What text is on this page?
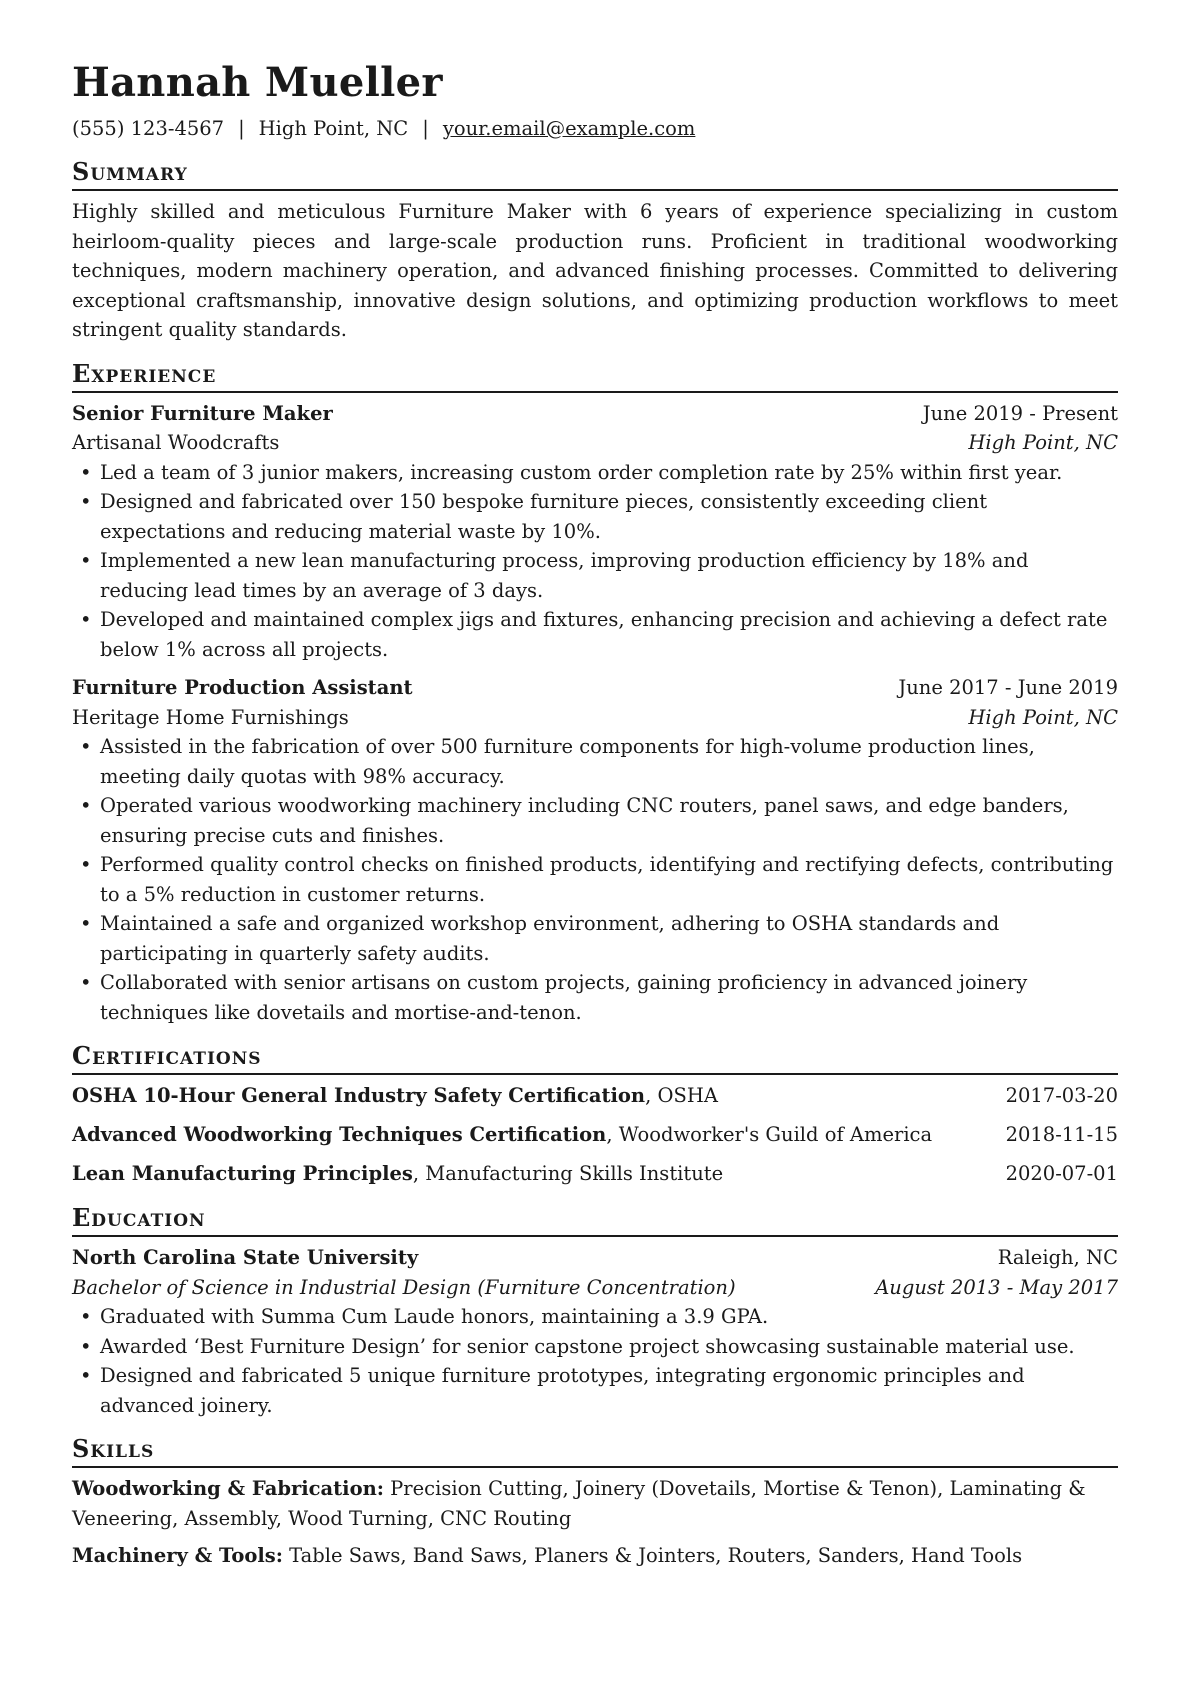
Hannah Mueller
(555) 123-4567 | High Point, NC | your.email@example.com
Summary
Highly skilled and meticulous Furniture Maker with 6 years of experience specializing in custom heirloom-quality pieces and large-scale production runs. Proficient in traditional woodworking techniques, modern machinery operation, and advanced finishing processes. Committed to delivering exceptional craftsmanship, innovative design solutions, and optimizing production workflows to meet stringent quality standards.
Experience
Senior Furniture Maker	June 2019 - Present
Artisanal Woodcrafts	High Point, NC
• Led a team of 3 junior makers, increasing custom order completion rate by 25% within first year.
• Designed and fabricated over 150 bespoke furniture pieces, consistently exceeding client expectations and reducing material waste by 10%.
• Implemented a new lean manufacturing process, improving production efficiency by 18% and reducing lead times by an average of 3 days.
• Developed and maintained complex jigs and fixtures, enhancing precision and achieving a defect rate below 1% across all projects.
Furniture Production Assistant	June 2017 - June 2019
Heritage Home Furnishings	High Point, NC
• Assisted in the fabrication of over 500 furniture components for high-volume production lines, meeting daily quotas with 98% accuracy.
• Operated various woodworking machinery including CNC routers, panel saws, and edge banders, ensuring precise cuts and finishes.
• Performed quality control checks on finished products, identifying and rectifying defects, contributing to a 5% reduction in customer returns.
• Maintained a safe and organized workshop environment, adhering to OSHA standards and participating in quarterly safety audits.
• Collaborated with senior artisans on custom projects, gaining proficiency in advanced joinery techniques like dovetails and mortise-and-tenon.
Certifications
OSHA 10-Hour General Industry Safety Certification, OSHA	2017-03-20
Advanced Woodworking Techniques Certification, Woodworker's Guild of America	2018-11-15
Lean Manufacturing Principles, Manufacturing Skills Institute	2020-07-01
Education
North Carolina State University	Raleigh, NC
Bachelor of Science in Industrial Design (Furniture Concentration)	August 2013 - May 2017
• Graduated with Summa Cum Laude honors, maintaining a 3.9 GPA.
• Awarded ‘Best Furniture Design’ for senior capstone project showcasing sustainable material use.
• Designed and fabricated 5 unique furniture prototypes, integrating ergonomic principles and advanced joinery.
Skills
Woodworking & Fabrication: Precision Cutting, Joinery (Dovetails, Mortise & Tenon), Laminating & Veneering, Assembly, Wood Turning, CNC Routing
Machinery & Tools: Table Saws, Band Saws, Planers & Jointers, Routers, Sanders, Hand Tools
